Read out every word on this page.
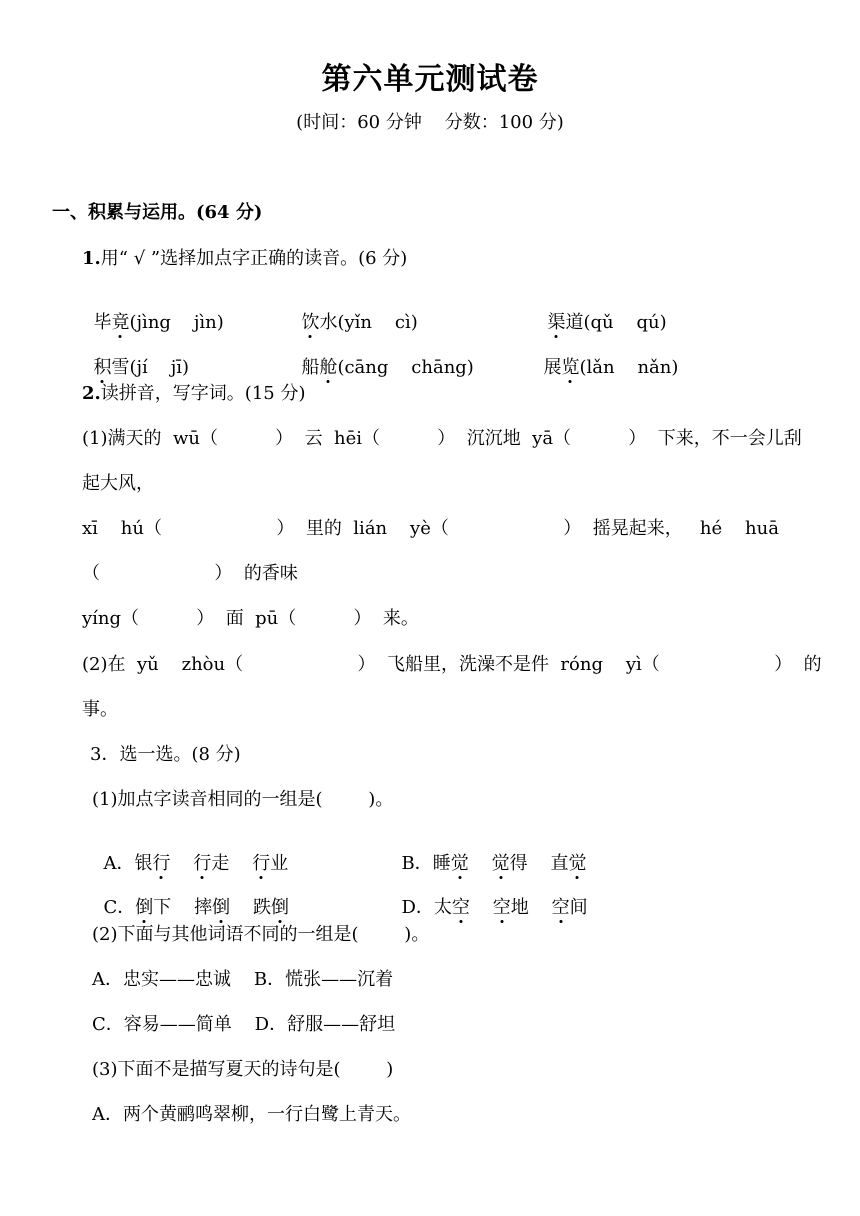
第六单元测试卷
(时间：60 分钟    分数：100 分)
一、积累与运用。(64 分)
1.用“ √ ”选择加点字正确的读音。(6 分)

毕竟(jìng    jìn)	饮水(yǐn    cì)	渠道(qǔ    qú)

积雪(jí    jī)	船舱(cāng    chāng)	展览(lǎn    nǎn)

2.读拼音，写字词。(15 分)
(1)满天的  wū（          ）  云  hēi（          ）  沉沉地  yā（          ）  下来，不一会儿刮
起大风，
xī    hú（                    ）  里的  lián    yè（                    ）  摇晃起来，   hé    huā
（                    ）  的香味
yíng（          ）  面  pū（          ）  来。
(2)在  yǔ    zhòu（                    ）  飞船里，洗澡不是件  róng    yì（                    ）  的
事。
3．选一选。(8 分)
(1)加点字读音相同的一组是(        )。

A．银行 行走 行业	B．睡觉 觉得 直觉

C．倒下 摔倒 跌倒	D．太空 空地 空间

(2)下面与其他词语不同的一组是(        )。
A．忠实——忠诚    B．慌张——沉着
C．容易——简单    D．舒服——舒坦
(3)下面不是描写夏天的诗句是(        )
A．两个黄鹂鸣翠柳，一行白鹭上青天。
